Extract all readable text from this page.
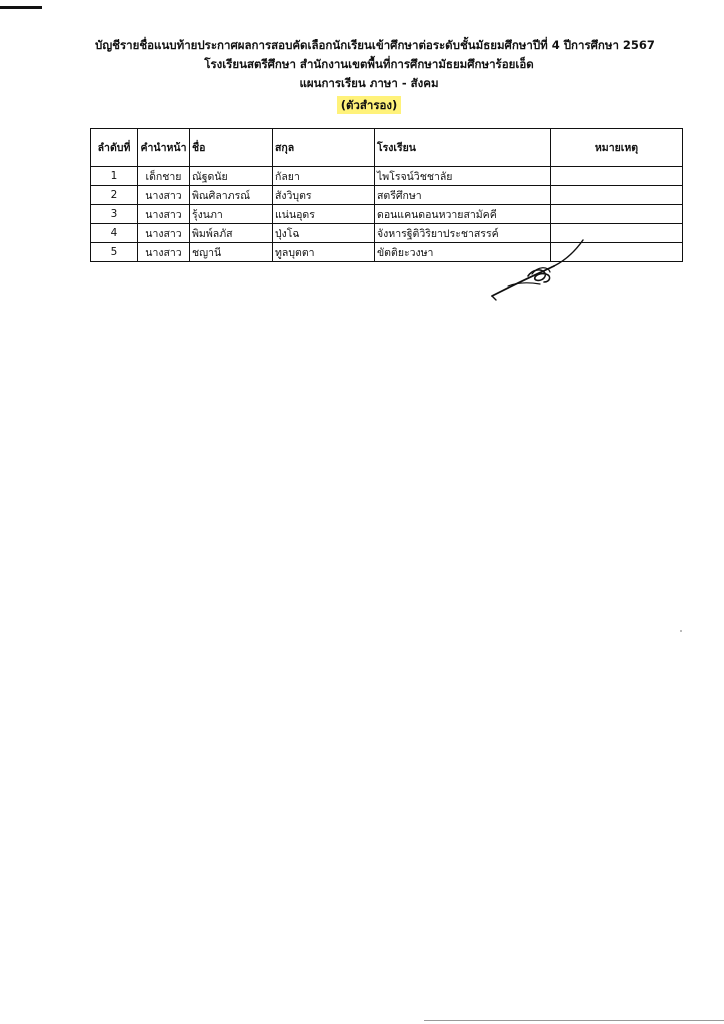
บัญชีรายชื่อแนบท้ายประกาศผลการสอบคัดเลือกนักเรียนเข้าศึกษาต่อระดับชั้นมัธยมศึกษาปีที่ 4 ปีการศึกษา 2567
โรงเรียนสตรีศึกษา สำนักงานเขตพื้นที่การศึกษามัธยมศึกษาร้อยเอ็ด
แผนการเรียน ภาษา - สังคม
(ตัวสำรอง)
ลำดับที่	คำนำหน้า	ชื่อ	สกุล	โรงเรียน	หมายเหตุ
1	เด็กชาย	ณัฐดนัย	กัลยา	ไพโรจน์วิชชาลัย	
2	นางสาว	พิณศิลาภรณ์	สังวิบุตร	สตรีศึกษา	
3	นางสาว	รุ้งนภา	แน่นอุดร	ดอนแคนดอนหวายสามัคคี	
4	นางสาว	พิมพ์ลภัส	ปุ่งโฉ	จังหารฐิติวิริยาประชาสรรค์	
5	นางสาว	ชญานี	ทูลบุตตา	ขัตติยะวงษา	
